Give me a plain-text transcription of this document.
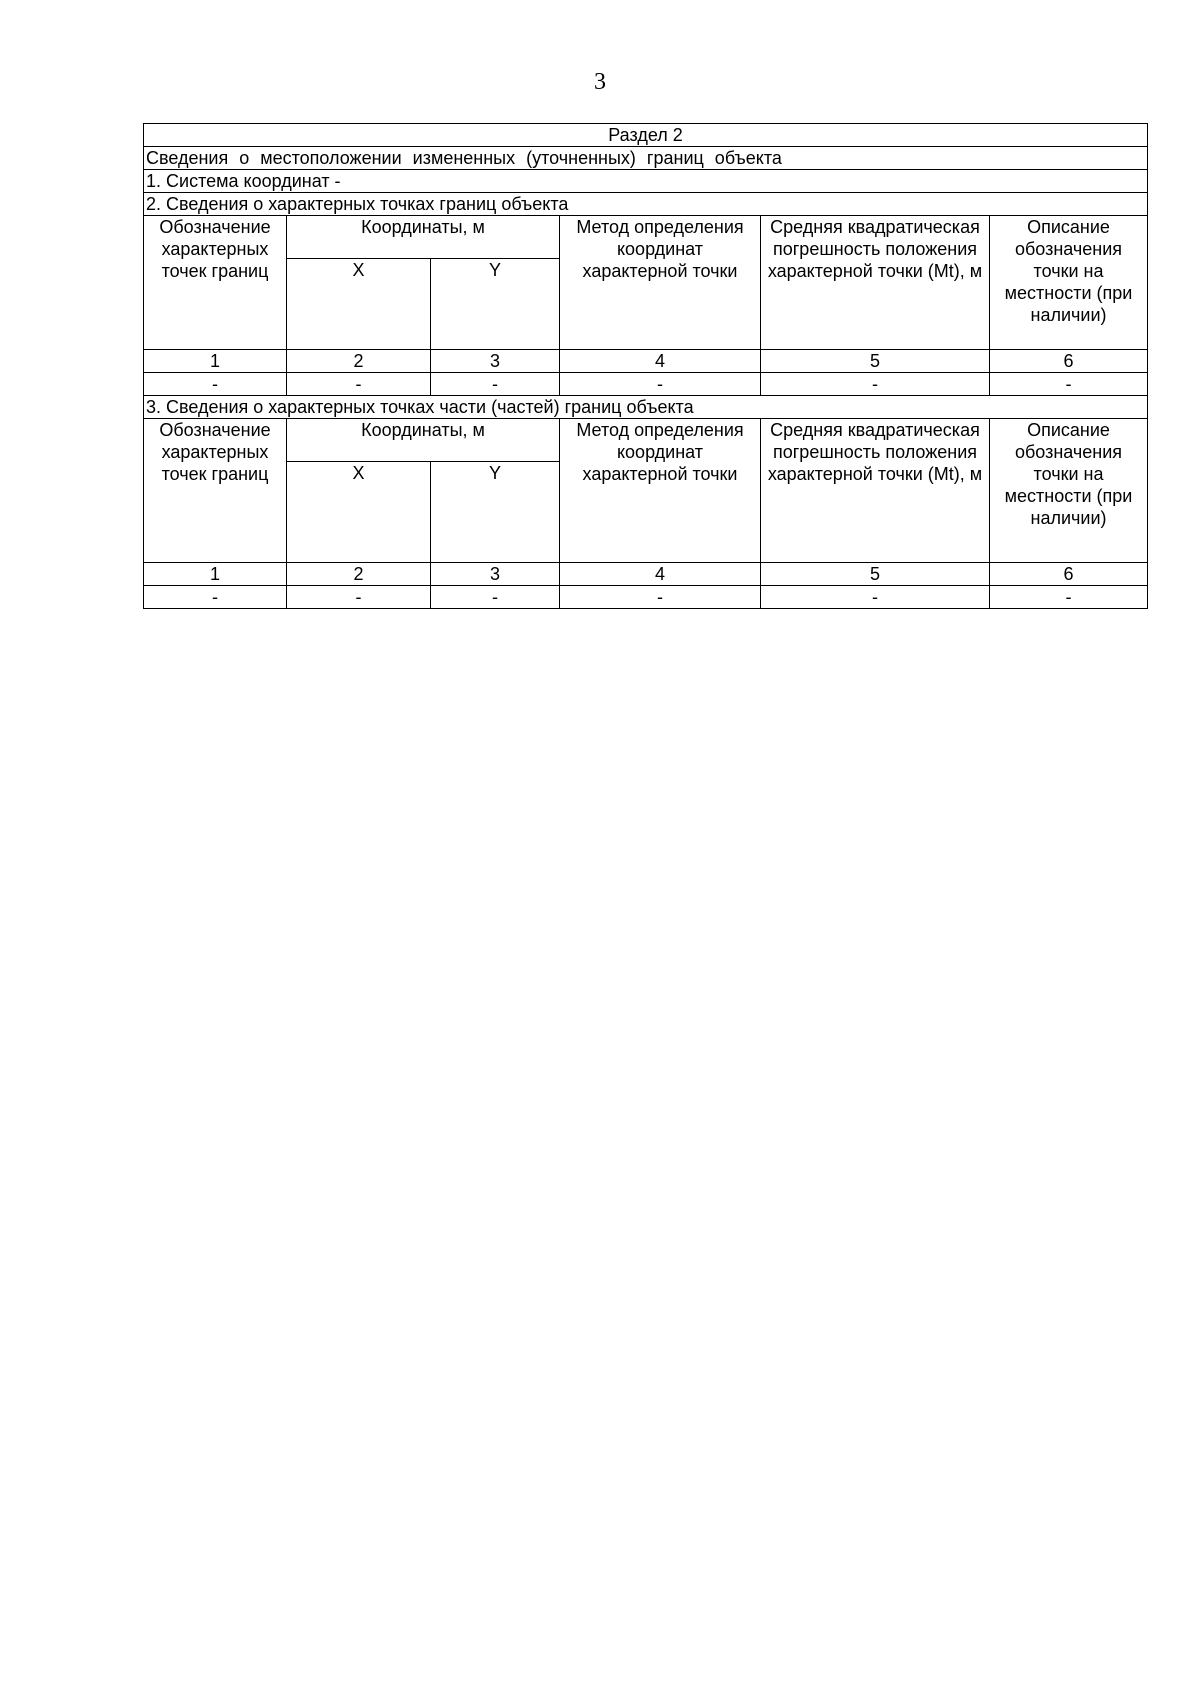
3
Раздел 2					
Сведения о местоположении измененных (уточненных) границ объекта					
1. Система координат -					
2. Сведения о характерных точках границ объекта					
Обозначение характерных точек границ	Координаты, м		Метод определения координат характерной точки	Средняя квадратическая погрешность положения характерной точки (Mt), м	Описание обозначения точки на местности (при наличии)
	X	Y			
1	2	3	4	5	6
-	-	-	-	-	-
3. Сведения о характерных точках части (частей) границ объекта					
Обозначение характерных точек границ	Координаты, м		Метод определения координат характерной точки	Средняя квадратическая погрешность положения характерной точки (Mt), м	Описание обозначения точки на местности (при наличии)
	X	Y			
1	2	3	4	5	6
-	-	-	-	-	-
